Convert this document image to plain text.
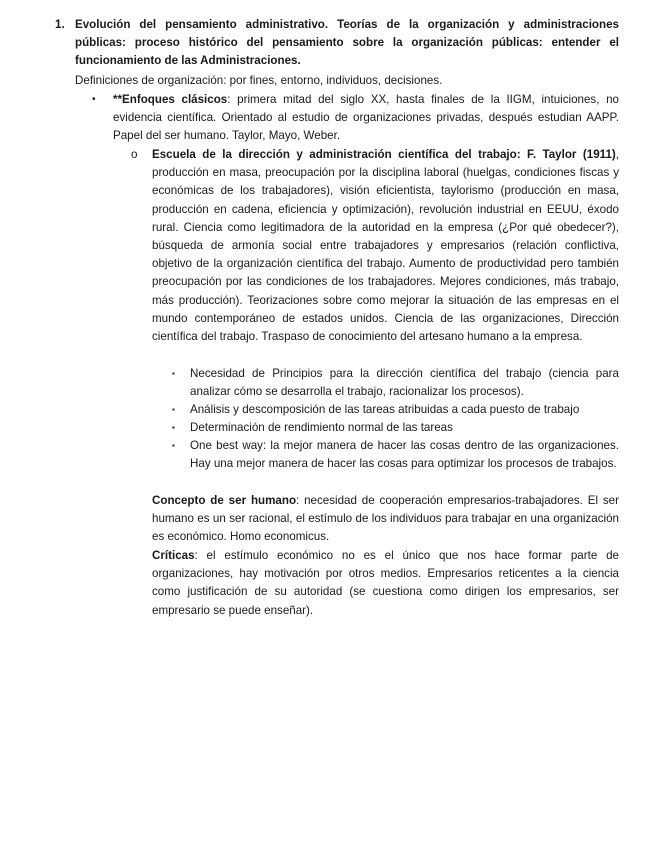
1. Evolución del pensamiento administrativo. Teorías de la organización y administraciones públicas: proceso histórico del pensamiento sobre la organización públicas: entender el funcionamiento de las Administraciones.
Definiciones de organización: por fines, entorno, individuos, decisiones.
• **Enfoques clásicos: primera mitad del siglo XX, hasta finales de la IIGM, intuiciones, no evidencia científica. Orientado al estudio de organizaciones privadas, después estudian AAPP. Papel del ser humano. Taylor, Mayo, Weber.
o Escuela de la dirección y administración científica del trabajo: F. Taylor (1911), producción en masa, preocupación por la disciplina laboral (huelgas, condiciones fiscas y económicas de los trabajadores), visión eficientista, taylorismo (producción en masa, producción en cadena, eficiencia y optimización), revolución industrial en EEUU, éxodo rural. Ciencia como legitimadora de la autoridad en la empresa (¿Por qué obedecer?), búsqueda de armonía social entre trabajadores y empresarios (relación conflictiva, objetivo de la organización científica del trabajo. Aumento de productividad pero también preocupación por las condiciones de los trabajadores. Mejores condiciones, más trabajo, más producción). Teorizaciones sobre como mejorar la situación de las empresas en el mundo contemporáneo de estados unidos. Ciencia de las organizaciones, Dirección científica del trabajo. Traspaso de conocimiento del artesano humano a la empresa.
▪ Necesidad de Principios para la dirección científica del trabajo (ciencia para analizar cómo se desarrolla el trabajo, racionalizar los procesos).
▪ Análisis y descomposición de las tareas atribuidas a cada puesto de trabajo
▪ Determinación de rendimiento normal de las tareas
▪ One best way: la mejor manera de hacer las cosas dentro de las organizaciones. Hay una mejor manera de hacer las cosas para optimizar los procesos de trabajos.
Concepto de ser humano: necesidad de cooperación empresarios-trabajadores. El ser humano es un ser racional, el estímulo de los individuos para trabajar en una organización es económico. Homo economicus.
Críticas: el estímulo económico no es el único que nos hace formar parte de organizaciones, hay motivación por otros medios. Empresarios reticentes a la ciencia como justificación de su autoridad (se cuestiona como dirigen los empresarios, ser empresario se puede enseñar).
